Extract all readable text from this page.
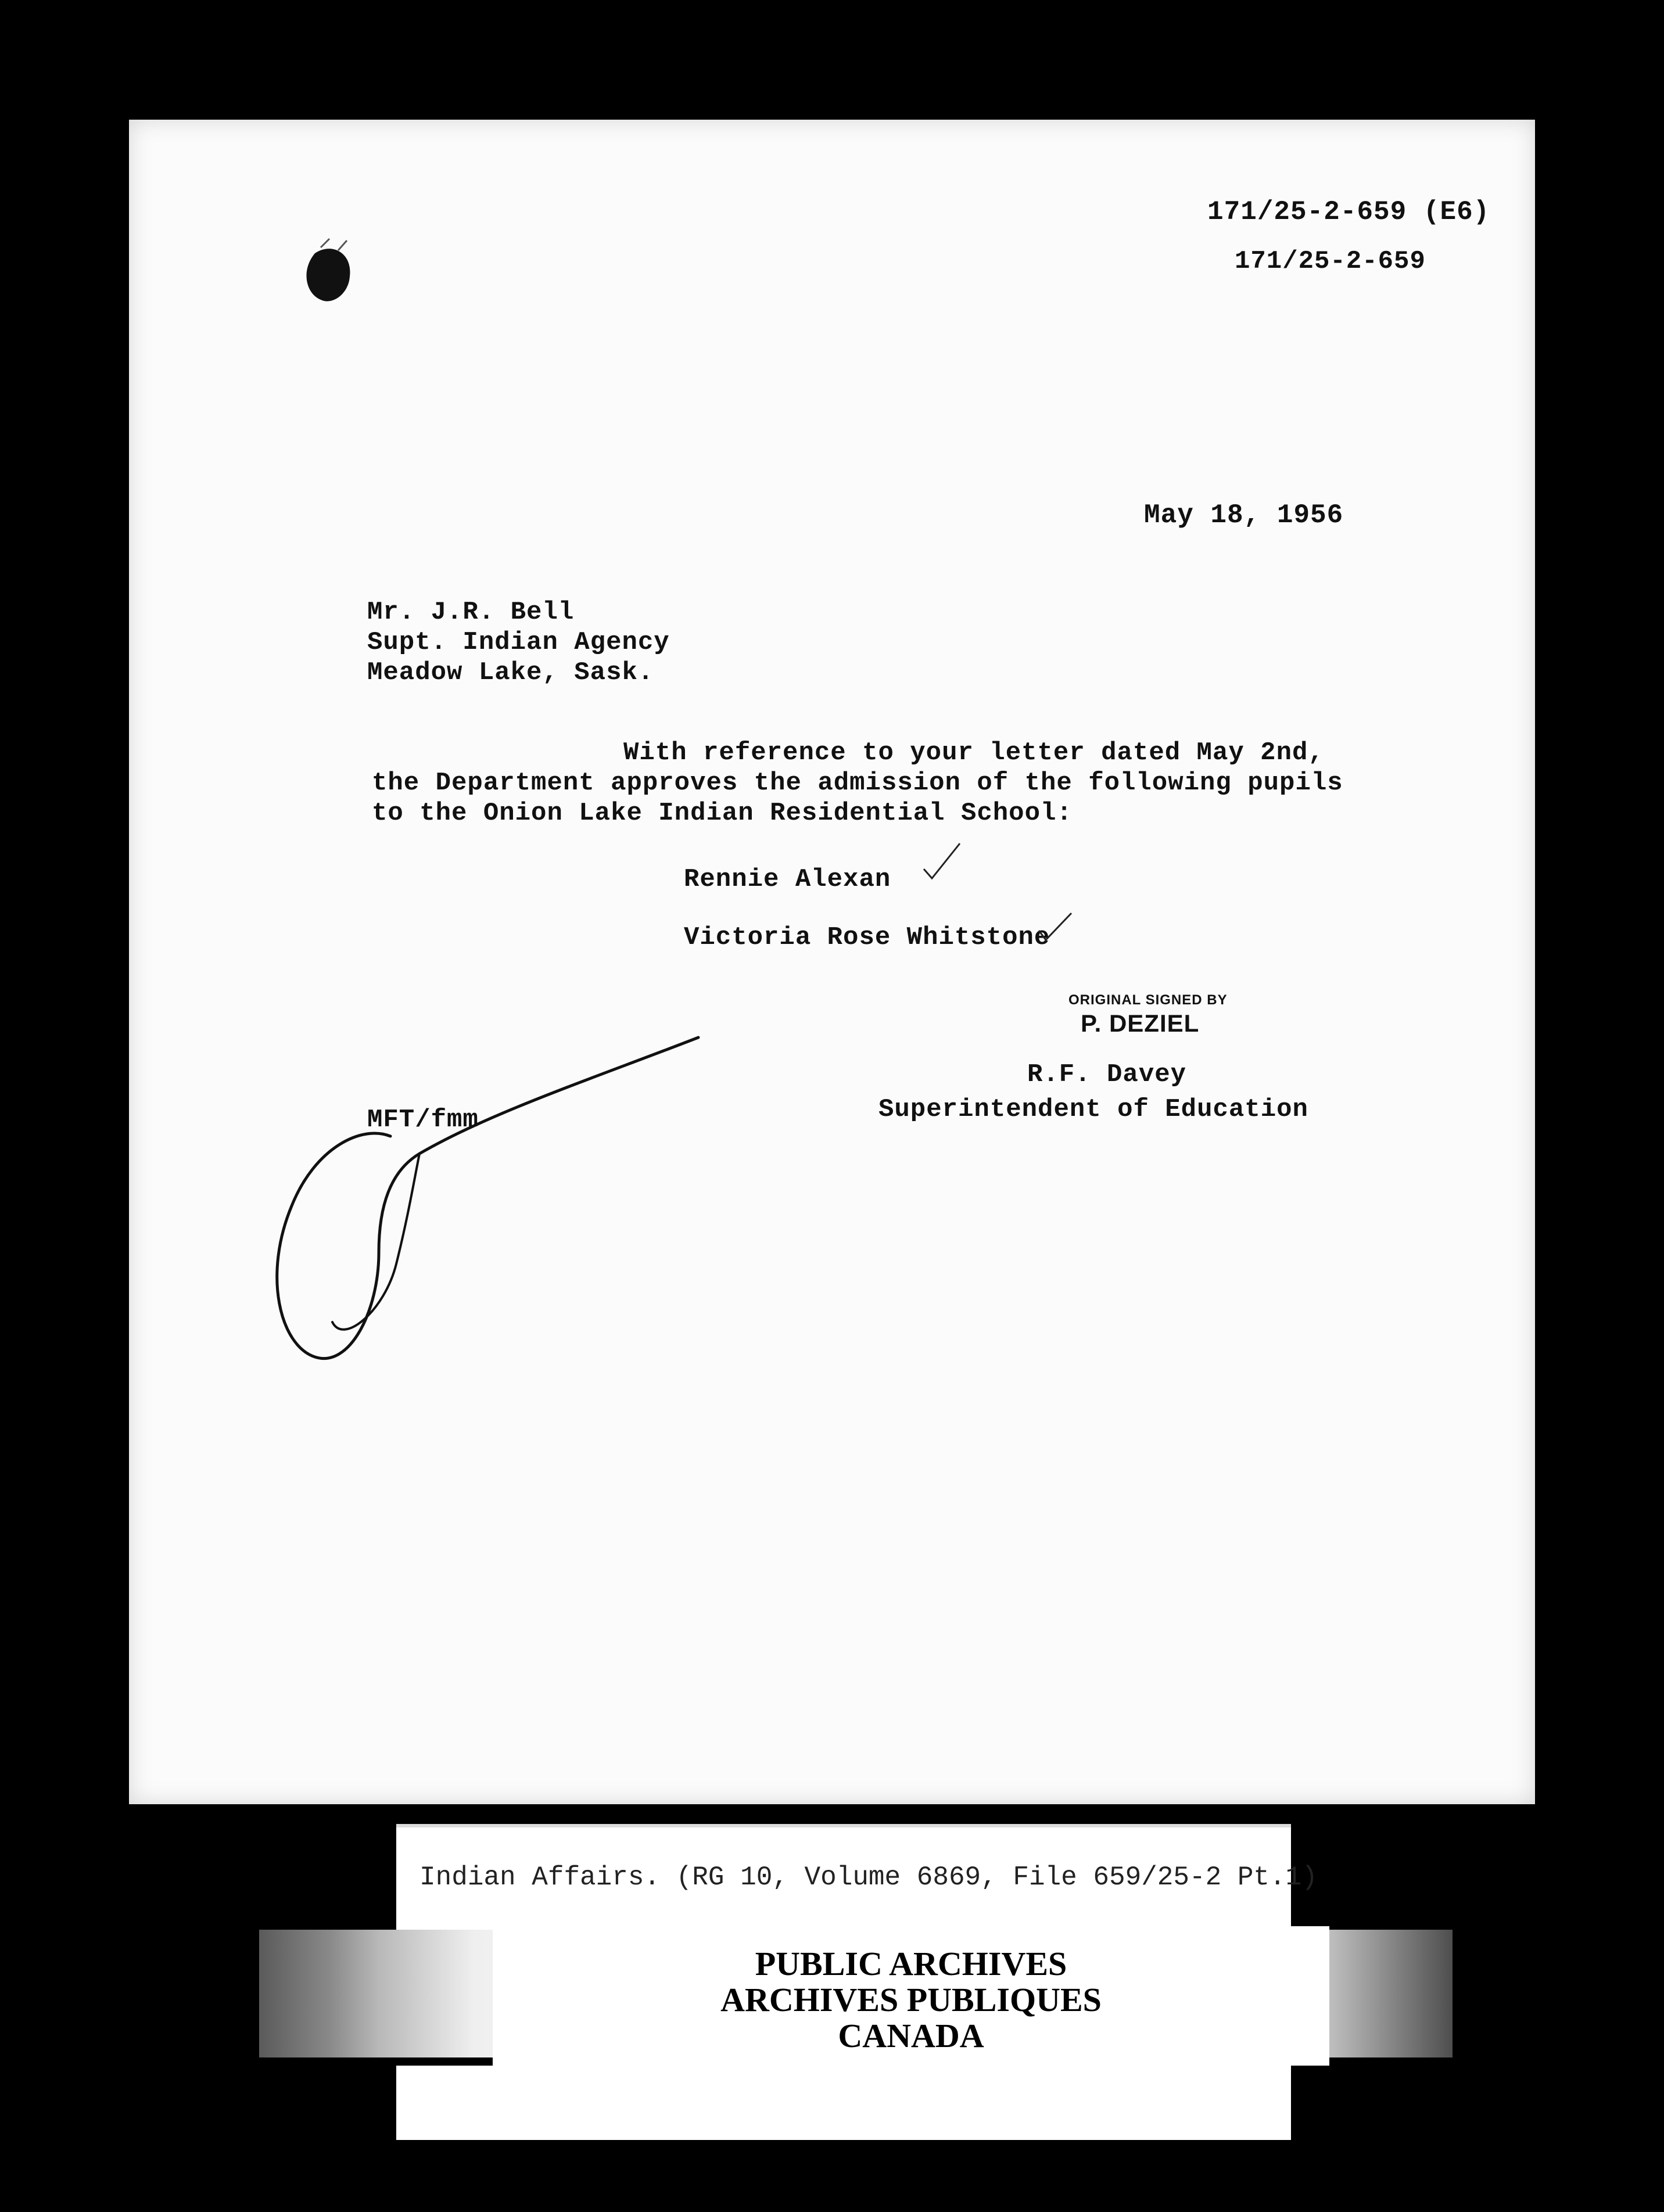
171/25-2-659 (E6)
171/25-2-659
May 18, 1956
Mr. J.R. Bell
Supt. Indian Agency
Meadow Lake, Sask.
With reference to your letter dated May 2nd,
the Department approves the admission of the following pupils
to the Onion Lake Indian Residential School:
Rennie Alexan
Victoria Rose Whitstone
ORIGINAL SIGNED BY
P. DEZIEL
R.F. Davey
Superintendent of Education
MFT/fmm
Indian Affairs. (RG 10, Volume 6869, File 659/25-2 Pt.1)
PUBLIC ARCHIVES
ARCHIVES PUBLIQUES
CANADA
